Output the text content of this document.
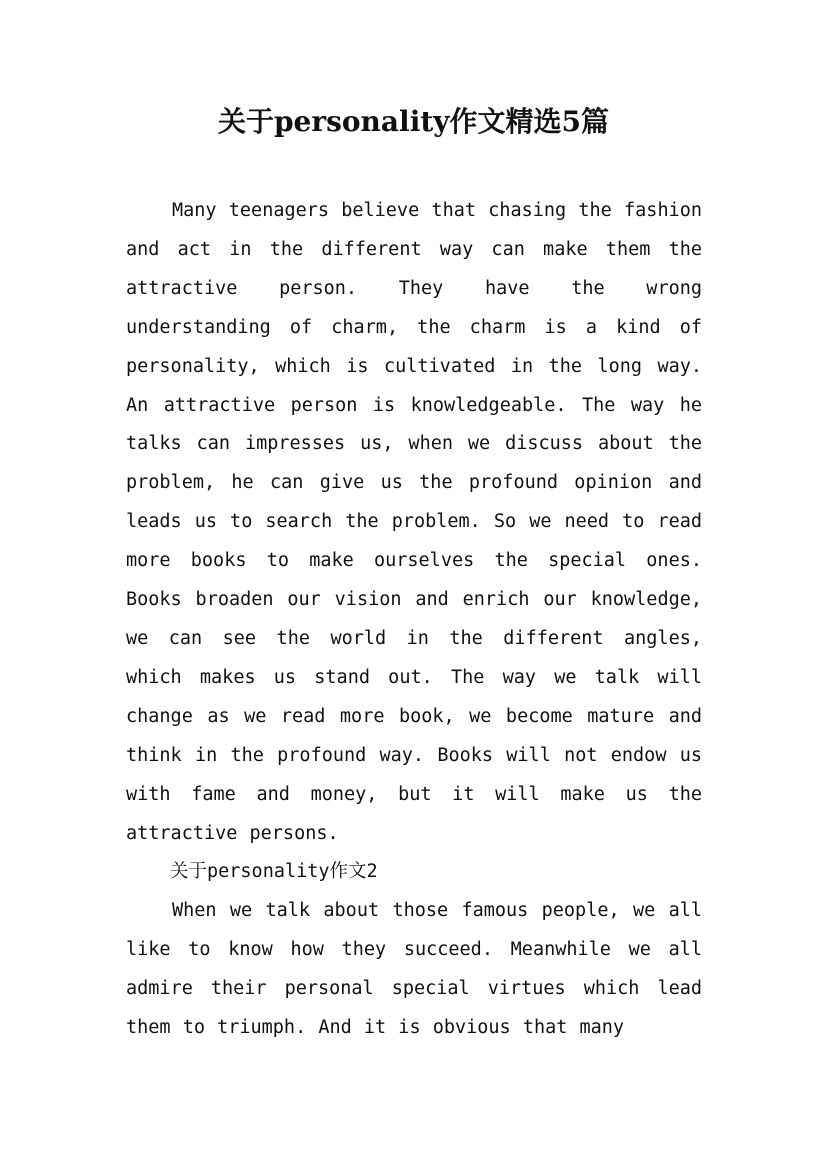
关于personality作文精选5篇

Many teenagers believe that chasing the fashion and act in the different way can make them the attractive person. They have the wrong understanding of charm, the charm is a kind of personality, which is cultivated in the long way. An attractive person is knowledgeable. The way he talks can impresses us, when we discuss about the problem, he can give us the profound opinion and leads us to search the problem. So we need to read more books to make ourselves the special ones. Books broaden our vision and enrich our knowledge, we can see the world in the different angles, which makes us stand out. The way we talk will change as we read more book, we become mature and think in the profound way. Books will not endow us with fame and money, but it will make us the attractive persons.

关于personality作文2

When we talk about those famous people, we all like to know how they succeed. Meanwhile we all admire their personal special virtues which lead them to triumph. And it is obvious that many
